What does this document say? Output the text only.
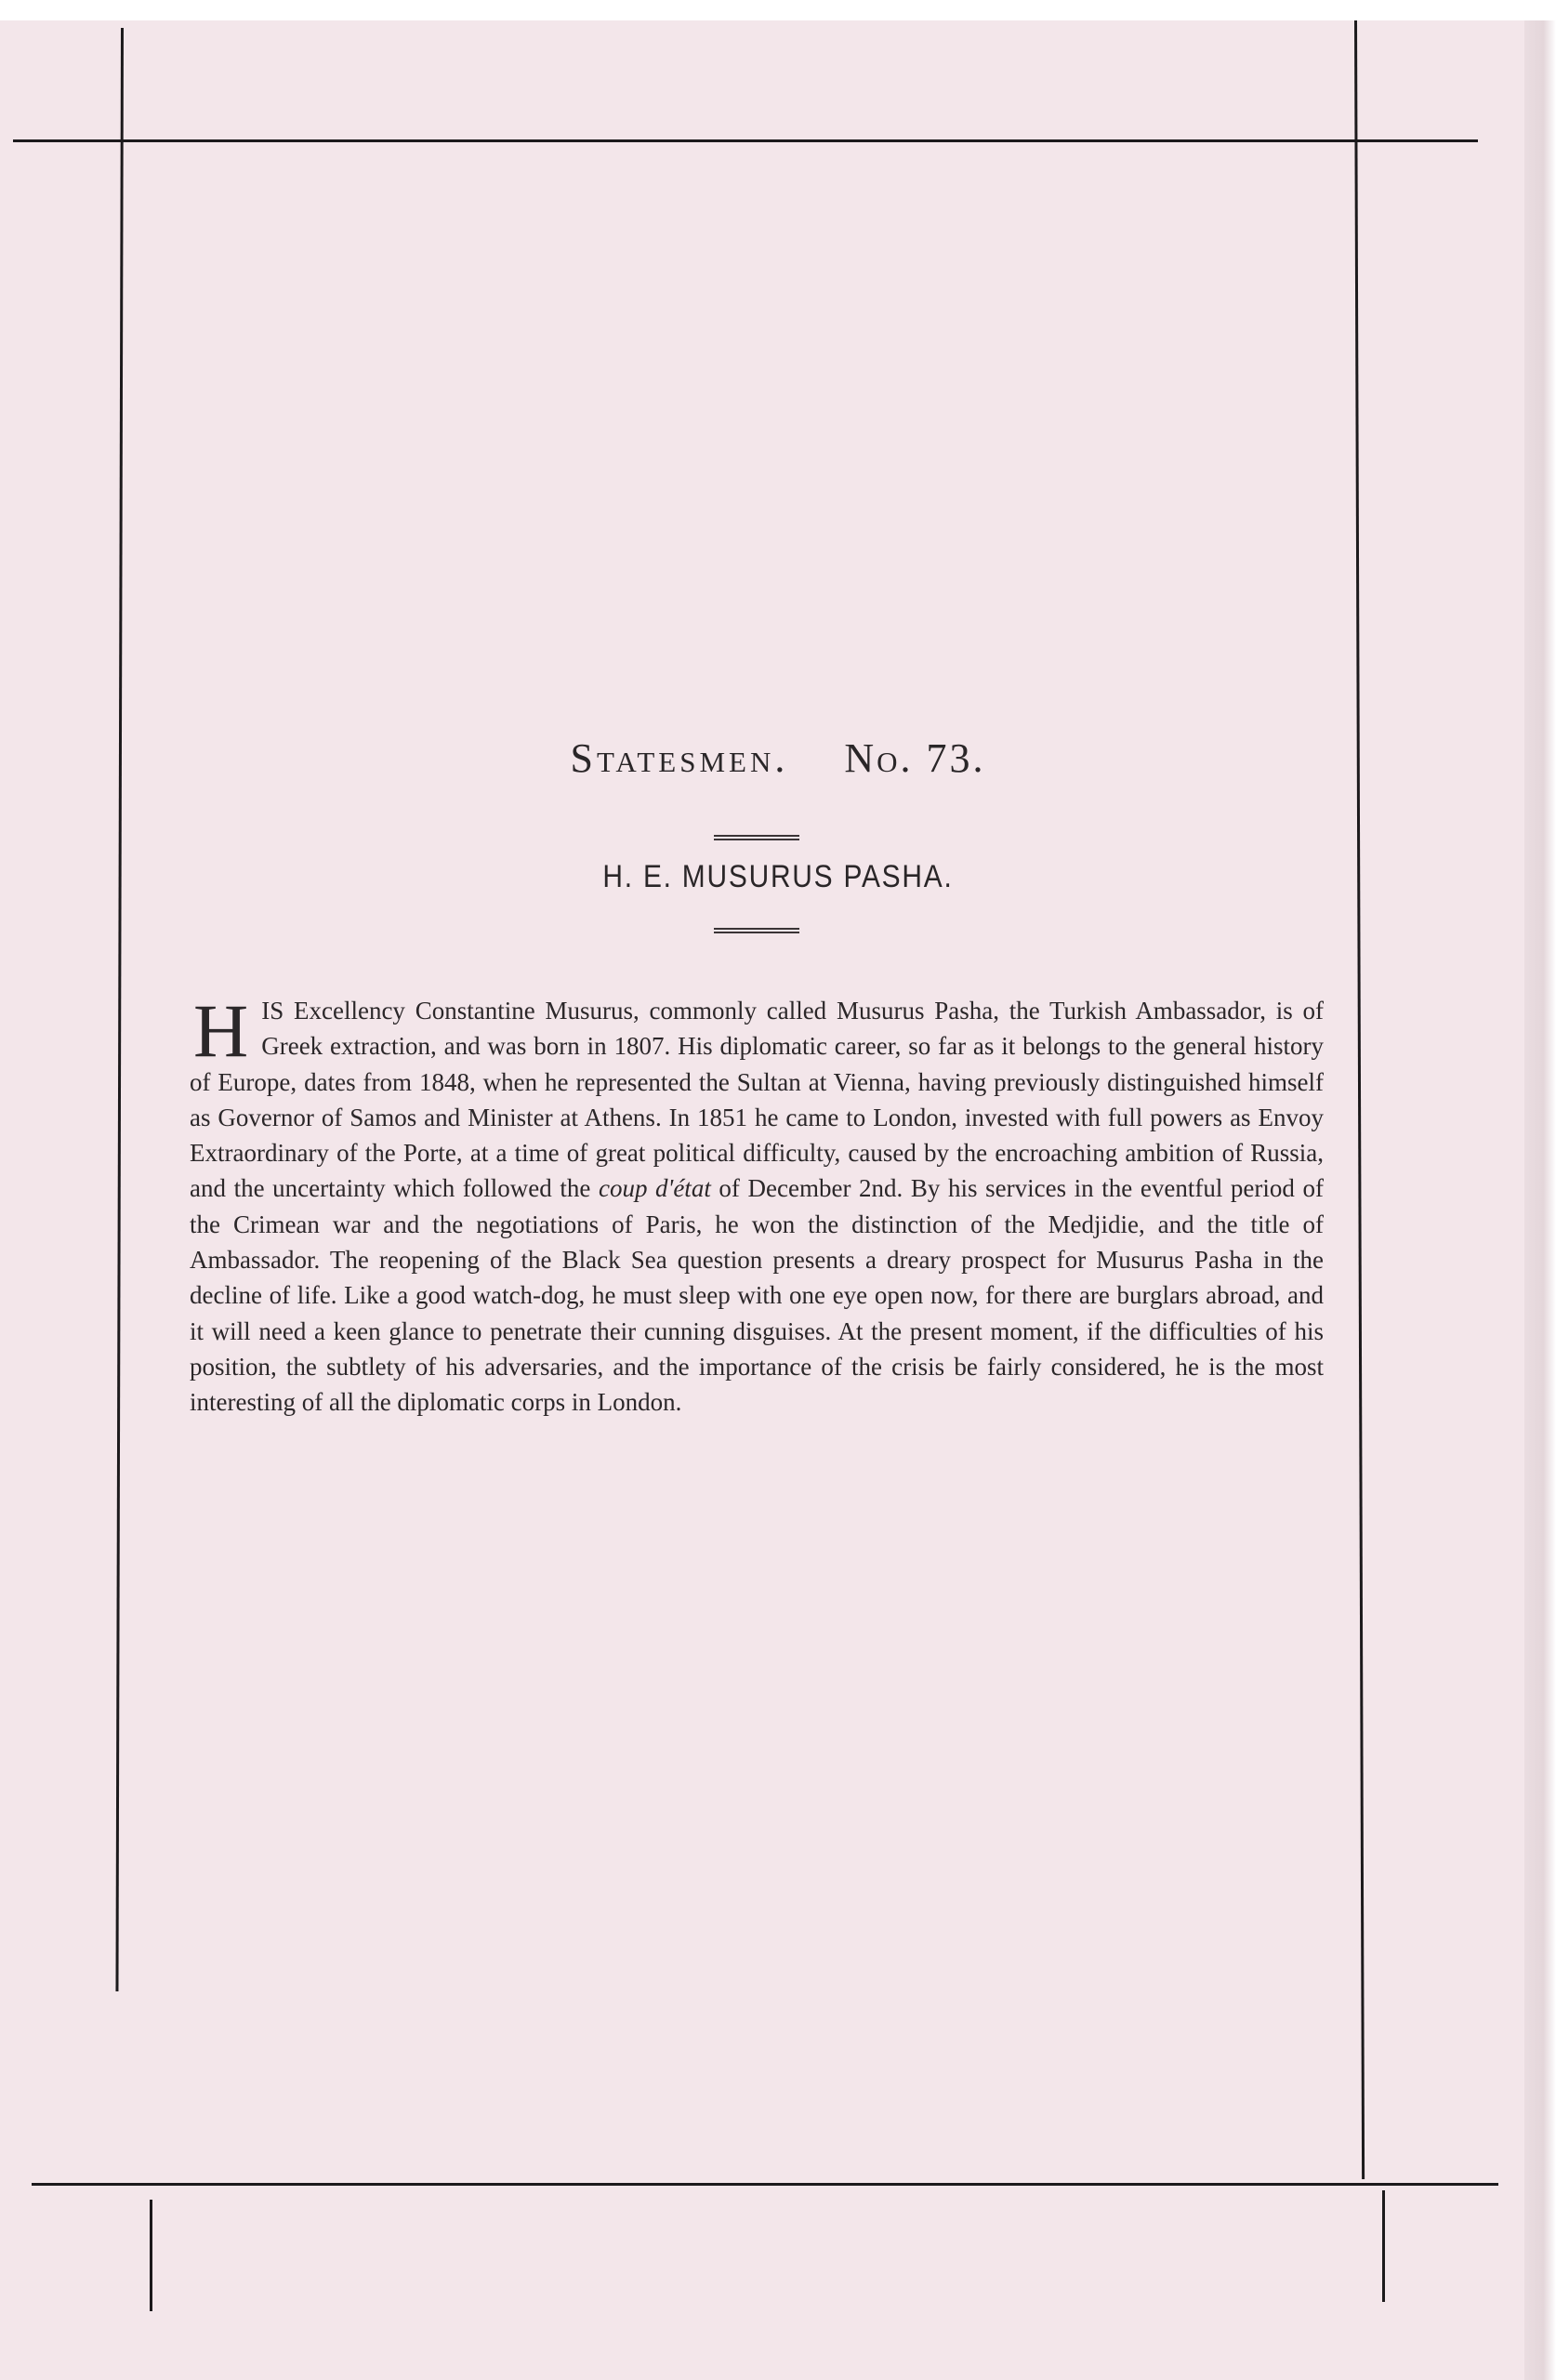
Statesmen. No. 73.
H. E. MUSURUS PASHA.

HIS Excellency Constantine Musurus, commonly called Musurus Pasha, the Turkish Ambassador, is of Greek extraction, and was born in 1807. His diplomatic career, so far as it belongs to the general history of Europe, dates from 1848, when he represented the Sultan at Vienna, having previously distinguished himself as Governor of Samos and Minister at Athens. In 1851 he came to London, invested with full powers as Envoy Extraordinary of the Porte, at a time of great political difficulty, caused by the encroaching ambition of Russia, and the uncertainty which followed the coup d'état of December 2nd. By his services in the eventful period of the Crimean war and the negotiations of Paris, he won the distinction of the Medjidie, and the title of Ambassador. The reopening of the Black Sea question presents a dreary prospect for Musurus Pasha in the decline of life. Like a good watch-dog, he must sleep with one eye open now, for there are burglars abroad, and it will need a keen glance to penetrate their cunning disguises. At the present moment, if the difficulties of his position, the subtlety of his adversaries, and the importance of the crisis be fairly considered, he is the most interesting of all the diplomatic corps in London.
